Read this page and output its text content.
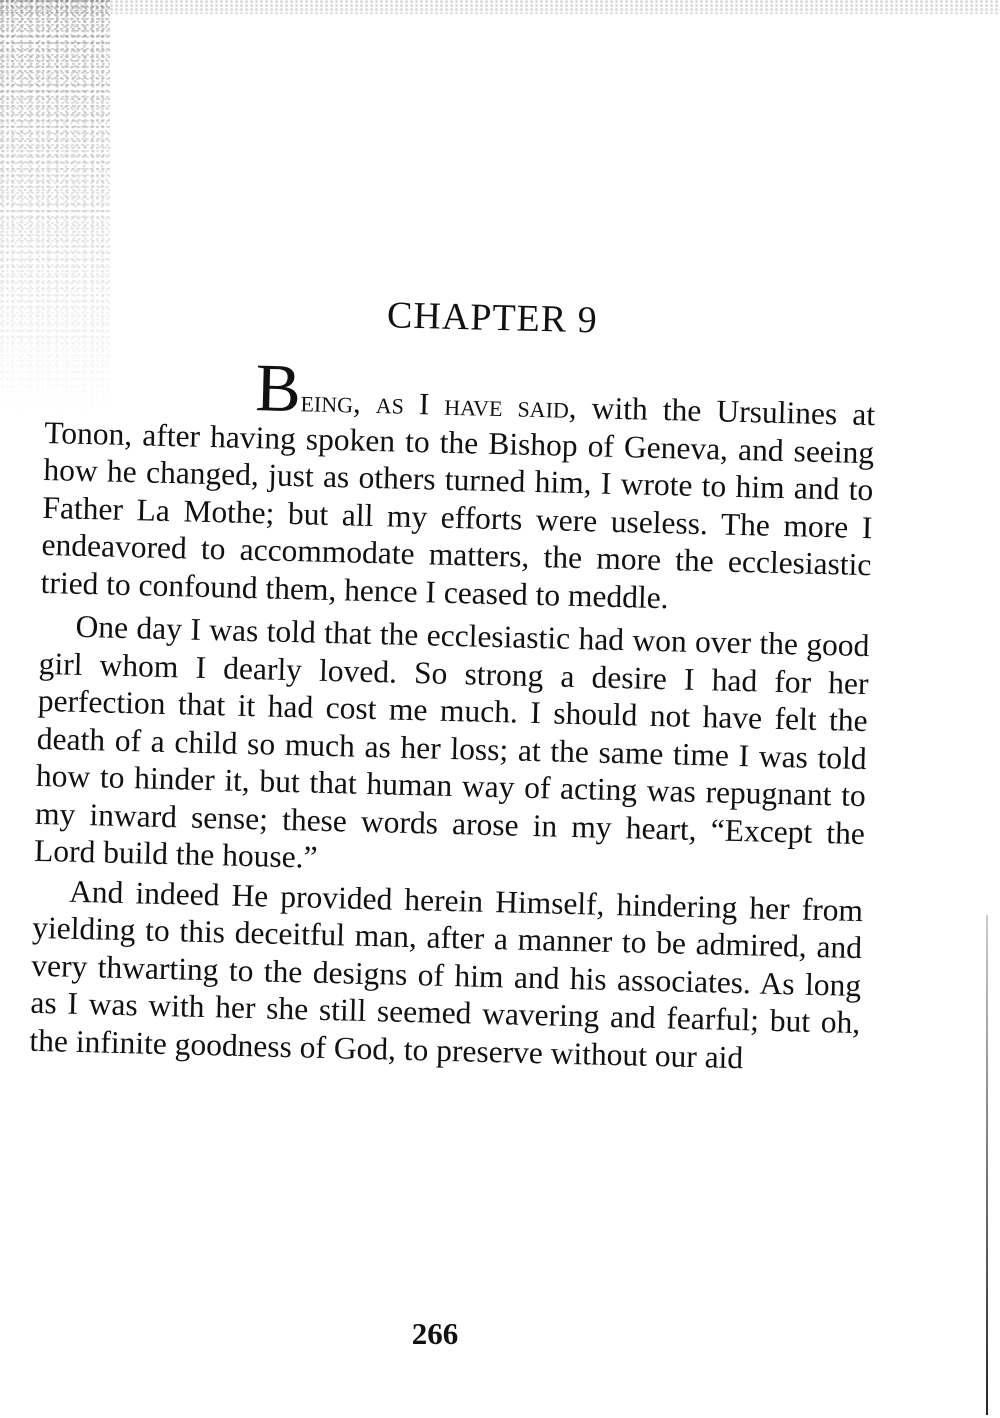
CHAPTER 9

Being, as I have said, with the Ursulines at Tonon, after having spoken to the Bishop of Geneva, and seeing how he changed, just as others turned him, I wrote to him and to Father La Mothe; but all my efforts were useless. The more I endeavored to accommodate matters, the more the ecclesiastic tried to confound them, hence I ceased to meddle.

One day I was told that the ecclesiastic had won over the good girl whom I dearly loved. So strong a desire I had for her perfection that it had cost me much. I should not have felt the death of a child so much as her loss; at the same time I was told how to hinder it, but that human way of acting was repugnant to my inward sense; these words arose in my heart, “Except the Lord build the house.”

And indeed He provided herein Himself, hindering her from yielding to this deceitful man, after a manner to be admired, and very thwarting to the designs of him and his associates. As long as I was with her she still seemed wavering and fearful; but oh, the infinite goodness of God, to preserve without our aid

266
